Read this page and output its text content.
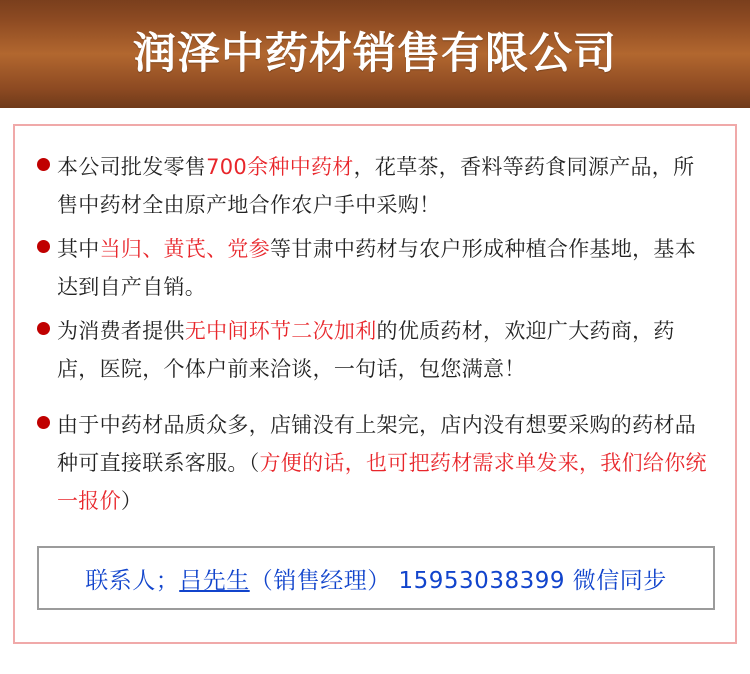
润泽中药材销售有限公司
本公司批发零售700余种中药材，花草茶，香料等药食同源产品，所售中药材全由原产地合作农户手中采购！
其中当归、黄芪、党参等甘肃中药材与农户形成种植合作基地，基本达到自产自销。
为消费者提供无中间环节二次加利的优质药材，欢迎广大药商，药店，医院，个体户前来洽谈，一句话，包您满意！
由于中药材品质众多，店铺没有上架完，店内没有想要采购的药材品种可直接联系客服。（方便的话，也可把药材需求单发来，我们给你统一报价）
联系人；吕先生（销售经理） 15953038399 微信同步
